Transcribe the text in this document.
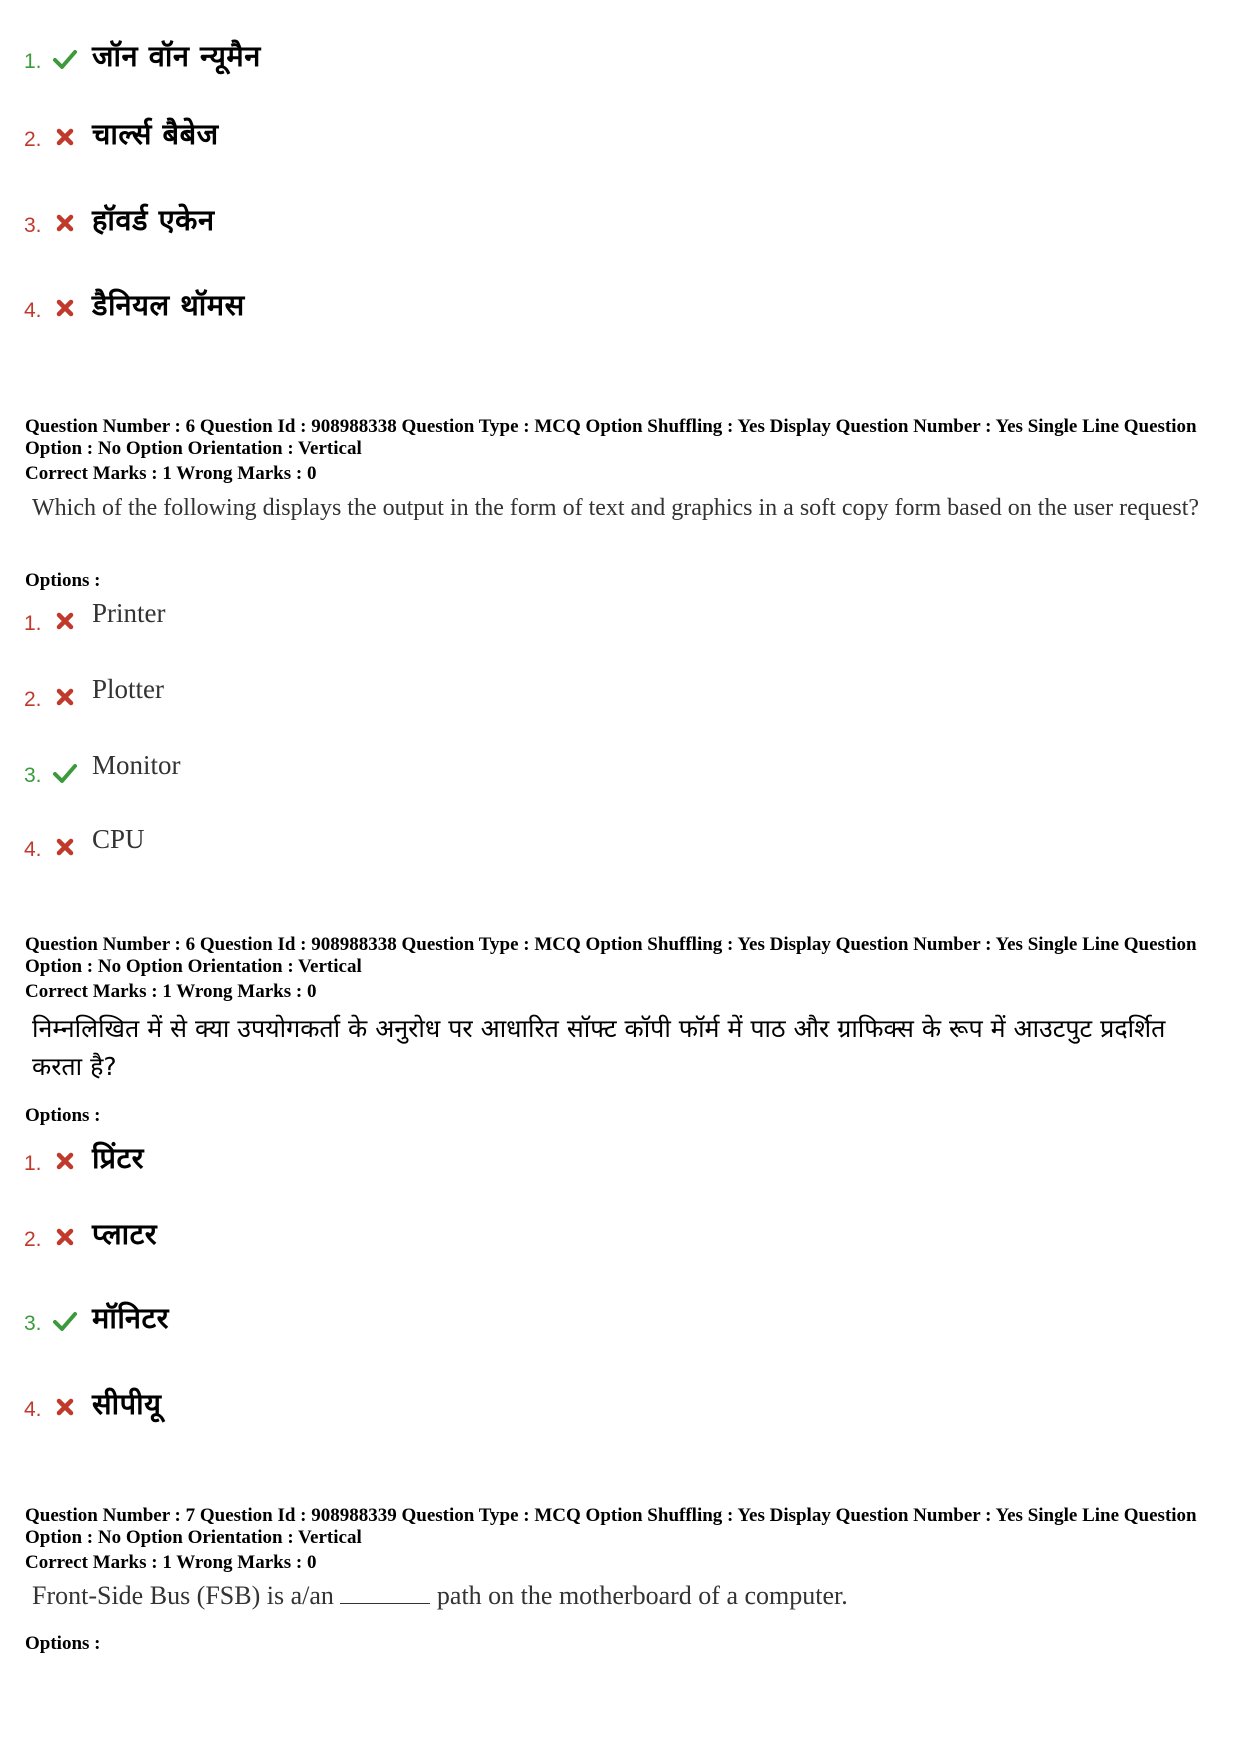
1. जॉन वॉन न्यूमैन
2. चार्ल्स बैबेज
3. हॉवर्ड एकेन
4. डैनियल थॉमस
Question Number : 6 Question Id : 908988338 Question Type : MCQ Option Shuffling : Yes Display Question Number : Yes Single Line Question Option : No Option Orientation : Vertical
Correct Marks : 1 Wrong Marks : 0
Which of the following displays the output in the form of text and graphics in a soft copy form based on the user request?
Options :
1. Printer
2. Plotter
3. Monitor
4. CPU
Question Number : 6 Question Id : 908988338 Question Type : MCQ Option Shuffling : Yes Display Question Number : Yes Single Line Question Option : No Option Orientation : Vertical
Correct Marks : 1 Wrong Marks : 0
निम्नलिखित में से क्या उपयोगकर्ता के अनुरोध पर आधारित सॉफ्ट कॉपी फॉर्म में पाठ और ग्राफिक्स के रूप में आउटपुट प्रदर्शित करता है?
Options :
1. प्रिंटर
2. प्लाटर
3. मॉनिटर
4. सीपीयू
Question Number : 7 Question Id : 908988339 Question Type : MCQ Option Shuffling : Yes Display Question Number : Yes Single Line Question Option : No Option Orientation : Vertical
Correct Marks : 1 Wrong Marks : 0
Front-Side Bus (FSB) is a/an	path on the motherboard of a computer.
Options :
